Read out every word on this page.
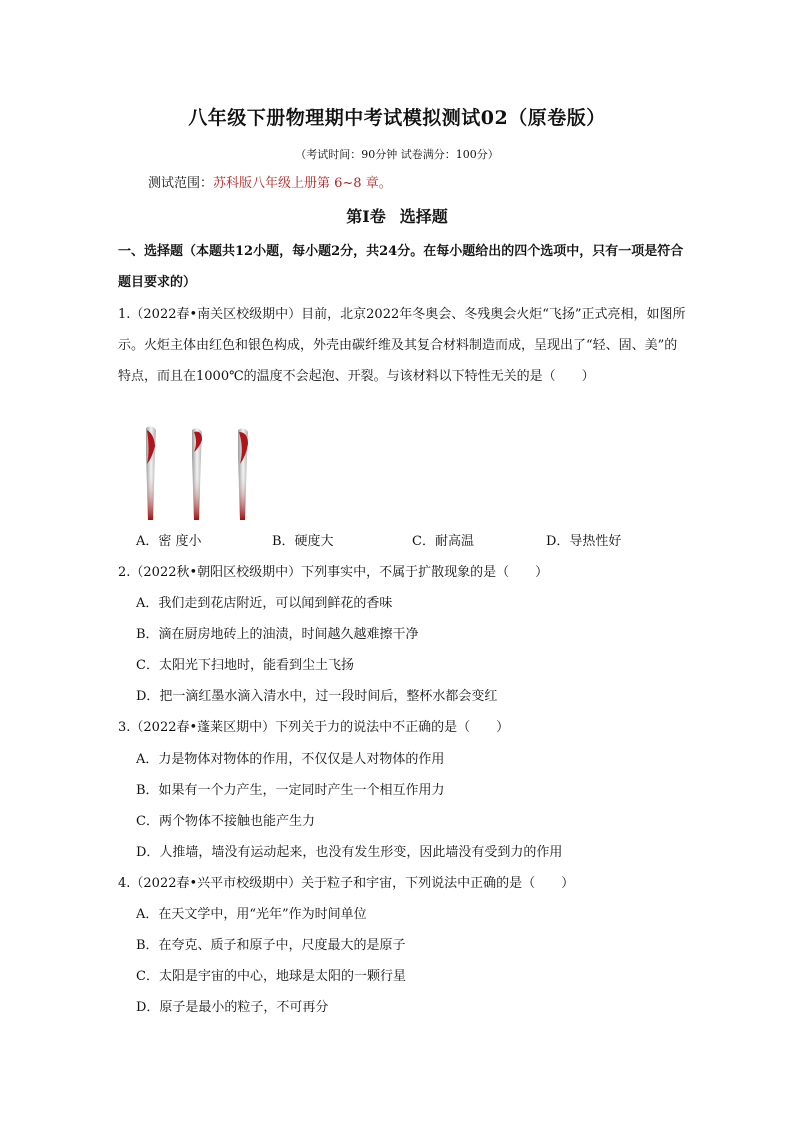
八年级下册物理期中考试模拟测试02（原卷版）
（考试时间：90分钟 试卷满分：100分）
测试范围：苏科版八年级上册第 6~8 章。
第Ⅰ卷 选择题
一、选择题（本题共12小题，每小题2分，共24分。在每小题给出的四个选项中，只有一项是符合题目要求的）
1.（2022春•南关区校级期中）目前，北京2022年冬奥会、冬残奥会火炬“飞扬”正式亮相，如图所示。火炬主体由红色和银色构成，外壳由碳纤维及其复合材料制造而成，呈现出了“轻、固、美”的特点，而且在1000℃的温度不会起泡、开裂。与该材料以下特性无关的是（　　）
A．密 度小	B．硬度大	C．耐高温	D．导热性好
2.（2022秋•朝阳区校级期中）下列事实中，不属于扩散现象的是（　　）
A．我们走到花店附近，可以闻到鲜花的香味
B．滴在厨房地砖上的油渍，时间越久越难擦干净
C．太阳光下扫地时，能看到尘土飞扬
D．把一滴红墨水滴入清水中，过一段时间后，整杯水都会变红
3.（2022春•蓬莱区期中）下列关于力的说法中不正确的是（　　）
A．力是物体对物体的作用，不仅仅是人对物体的作用
B．如果有一个力产生，一定同时产生一个相互作用力
C．两个物体不接触也能产生力
D．人推墙，墙没有运动起来，也没有发生形变，因此墙没有受到力的作用
4.（2022春•兴平市校级期中）关于粒子和宇宙，下列说法中正确的是（　　）
A．在天文学中，用“光年”作为时间单位
B．在夸克、质子和原子中，尺度最大的是原子
C．太阳是宇宙的中心，地球是太阳的一颗行星
D．原子是最小的粒子，不可再分
